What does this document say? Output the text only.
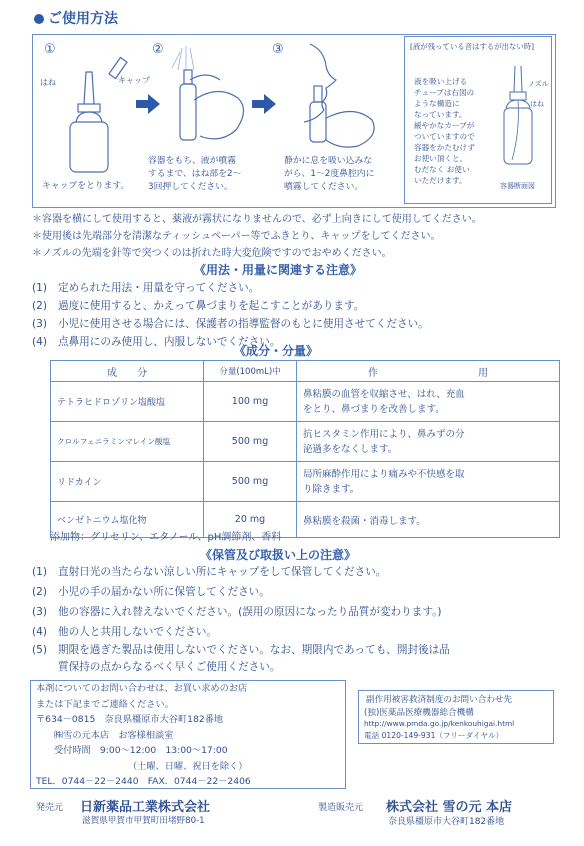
ご使用方法
①
はね	キャップ
キャップをとります。
②
容器をもち、液が噴霧
するまで、はね部を2～
3回押してください。
③
静かに息を吸い込みな
がら、1～2度鼻腔内に
噴霧してください。
[液が残っている音はするが出ない時]
液を吸い上げる
チューブは右図の
ような構造に
なっています。
緩やかなカーブが
ついていますので
容器をかたむけず
お使い頂くと、
むだなく お使い
いただけます。
ノズル
はね
容器断面図
＊容器を横にして使用すると、薬液が霧状になりませんので、必ず上向きにして使用してください。
＊使用後は先端部分を清潔なティッシュペーパー等でふきとり、キャップをしてください。
＊ノズルの先端を針等で突つくのは折れた時大変危険ですのでおやめください。
《用法・用量に関連する注意》
(1) 定められた用法・用量を守ってください。
(2) 過度に使用すると、かえって鼻づまりを起こすことがあります。
(3) 小児に使用させる場合には、保護者の指導監督のもとに使用させてください。
(4) 点鼻用にのみ使用し、内服しないでください。
《成分・分量》
成　　分	分量(100mL)中	作　　　　　　　　　　用
テトラヒドロゾリン塩酸塩	100 mg	鼻粘膜の血管を収縮させ、はれ、充血
をとり、鼻づまりを改善します。

クロルフェニラミンマレイン酸塩	500 mg	抗ヒスタミン作用により、鼻みずの分
泌過多をなくします。

リドカイン	500 mg	局所麻酔作用により痛みや不快感を取
り除きます。

ベンゼトニウム塩化物	20 mg	鼻粘膜を殺菌・消毒します。
添加物：グリセリン、エタノール、pH調節剤、香料
《保管及び取扱い上の注意》
(1) 直射日光の当たらない涼しい所にキャップをして保管してください。
(2) 小児の手の届かない所に保管してください。
(3) 他の容器に入れ替えないでください。(誤用の原因になったり品質が変わります。)
(4) 他の人と共用しないでください。
(5) 期限を過ぎた製品は使用しないでください。なお、期限内であっても、開封後は品
質保持の点からなるべく早くご使用ください。
本剤についてのお問い合わせは、お買い求めのお店
または下記までご連絡ください。
〒634－0815　奈良県橿原市大谷町182番地
㈱雪の元本店　お客様相談室
受付時間　9:00～12:00　13:00～17:00
（土曜、日曜、祝日を除く）
TEL．0744－22－2440　FAX．0744－22－2406
副作用被害救済制度のお問い合わせ先
(独)医薬品医療機器総合機構
http://www.pmda.go.jp/kenkouhigai.html
電話 0120-149-931（フリーダイヤル）
発売元 日新薬品工業株式会社
滋賀県甲賀市甲賀町田堵野80-1
製造販売元 株式会社 雪の元 本店
奈良県橿原市大谷町182番地
